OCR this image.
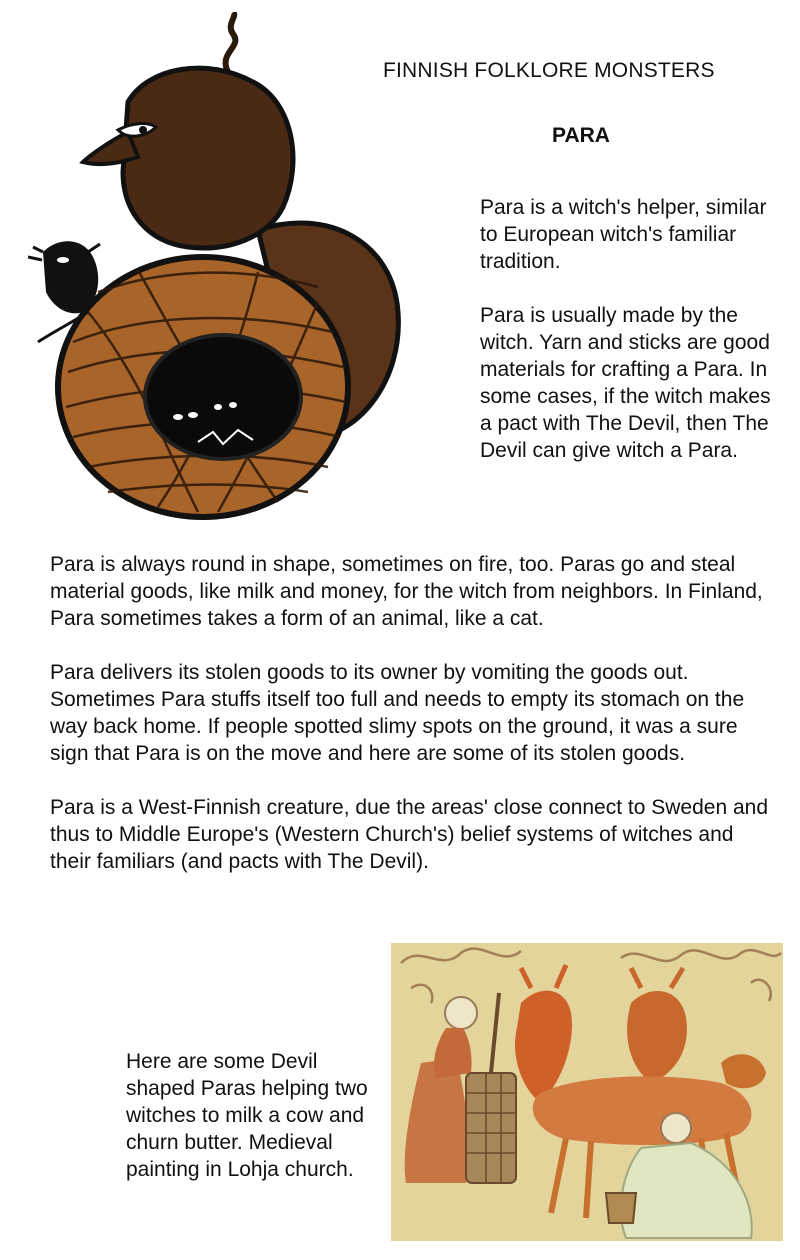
FINNISH FOLKLORE MONSTERS
PARA

Para is a witch's helper, similar to European witch's familiar tradition.

Para is usually made by the witch. Yarn and sticks are good materials for crafting a Para. In some cases, if the witch makes a pact with The Devil, then The Devil can give witch a Para.

Para is always round in shape, sometimes on fire, too. Paras go and steal material goods, like milk and money, for the witch from neighbors. In Finland, Para sometimes takes a form of an animal, like a cat.

Para delivers its stolen goods to its owner by vomiting the goods out. Sometimes Para stuffs itself too full and needs to empty its stomach on the way back home. If people spotted slimy spots on the ground, it was a sure sign that Para is on the move and here are some of its stolen goods.

Para is a West-Finnish creature, due the areas' close connect to Sweden and thus to Middle Europe's (Western Church's) belief systems of witches and their familiars (and pacts with The Devil).

Here are some Devil shaped Paras helping two witches to milk a cow and churn butter. Medieval painting in Lohja church.
